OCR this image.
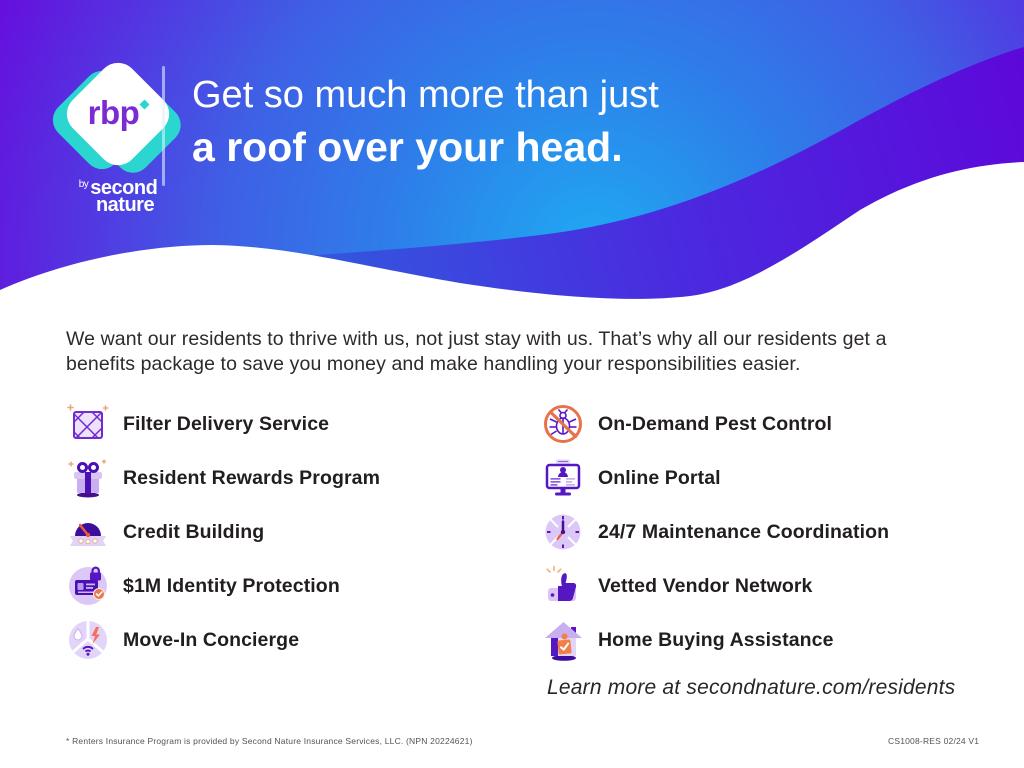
rbp
$^{by}$ second
nature
Get so much more than just
a roof over your head.

We want our residents to thrive with us, not just stay with us. That’s why all our residents get a benefits package to save you money and make handling your responsibilities easier.

Filter Delivery Service
Resident Rewards Program
Credit Building
$1M Identity Protection
Move-In Concierge
On-Demand Pest Control
Online Portal
24/7 Maintenance Coordination
Vetted Vendor Network
Home Buying Assistance
Learn more at secondnature.com/residents
* Renters Insurance Program is provided by Second Nature Insurance Services, LLC. (NPN 20224621)	CS1008-RES 02/24 V1
